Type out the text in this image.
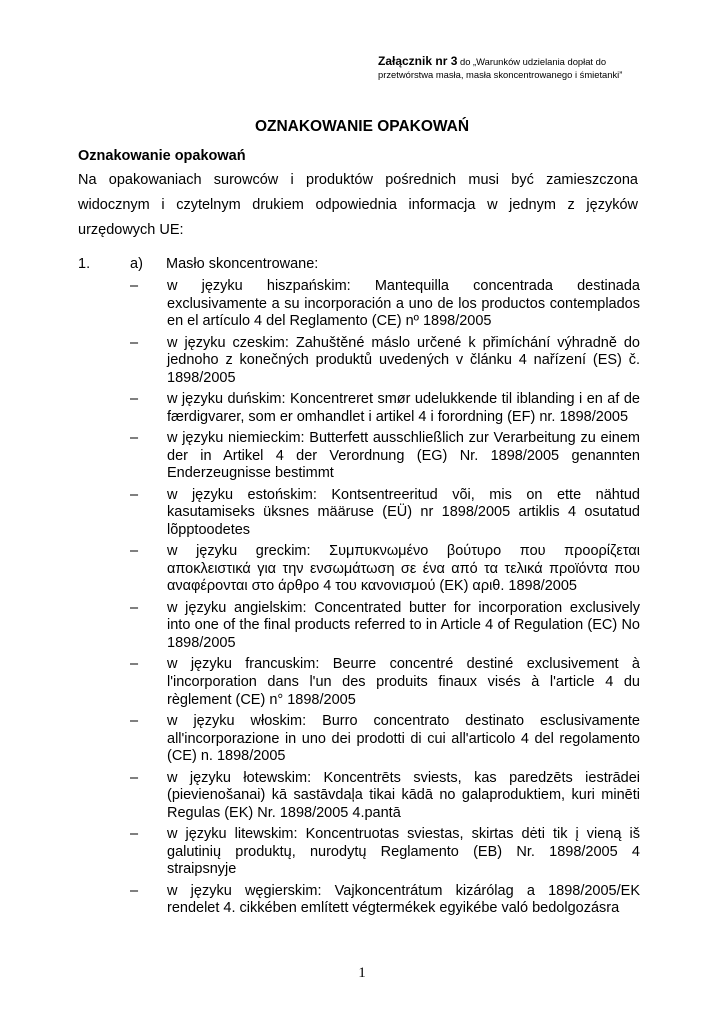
Załącznik nr 3 do „Warunków udzielania dopłat do przetwórstwa masła, masła skoncentrowanego i śmietanki”
OZNAKOWANIE OPAKOWAŃ
Oznakowanie opakowań
Na opakowaniach surowców i produktów pośrednich musi być zamieszczona widocznym i czytelnym drukiem odpowiednia informacja w jednym z języków urzędowych UE:
1.	a) Masło skoncentrowane:
–	w języku hiszpańskim: Mantequilla concentrada destinada exclusivamente a su incorporación a uno de los productos contemplados en el artículo 4 del Reglamento (CE) nº 1898/2005
–	w języku czeskim: Zahuštěné máslo určené k přimíchání výhradně do jednoho z konečných produktů uvedených v článku 4 nařízení (ES) č. 1898/2005
–	w języku duńskim: Koncentreret smør udelukkende til iblanding i en af de færdigvarer, som er omhandlet i artikel 4 i forordning (EF) nr. 1898/2005
–	w języku niemieckim: Butterfett ausschließlich zur Verarbeitung zu einem der in Artikel 4 der Verordnung (EG) Nr. 1898/2005 genannten Enderzeugnisse bestimmt
–	w języku estońskim: Kontsentreeritud või, mis on ette nähtud kasutamiseks üksnes määruse (EÜ) nr 1898/2005 artiklis 4 osutatud lõpptoodetes
–	w języku greckim: Συμπυκνωμένο βούτυρο που προορίζεται αποκλειστικά για την ενσωμάτωση σε ένα από τα τελικά προϊόντα που αναφέρονται στο άρθρο 4 του κανονισμού (ΕΚ) αριθ. 1898/2005
–	w języku angielskim: Concentrated butter for incorporation exclusively into one of the final products referred to in Article 4 of Regulation (EC) No 1898/2005
–	w języku francuskim: Beurre concentré destiné exclusivement à l'incorporation dans l'un des produits finaux visés à l'article 4 du règlement (CE) n° 1898/2005
–	w języku włoskim: Burro concentrato destinato esclusivamente all'incorporazione in uno dei prodotti di cui all'articolo 4 del regolamento (CE) n. 1898/2005
–	w języku łotewskim: Koncentrēts sviests, kas paredzēts iestrādei (pievienošanai) kā sastāvdaļa tikai kādā no galaproduktiem, kuri minēti Regulas (EK) Nr. 1898/2005 4.pantā
–	w języku litewskim: Koncentruotas sviestas, skirtas dėti tik į vieną iš galutinių produktų, nurodytų Reglamento (EB) Nr. 1898/2005 4 straipsnyje
–	w języku węgierskim: Vajkoncentrátum kizárólag a 1898/2005/EK rendelet 4. cikkében említett végtermékek egyikébe való bedolgozásra
1
